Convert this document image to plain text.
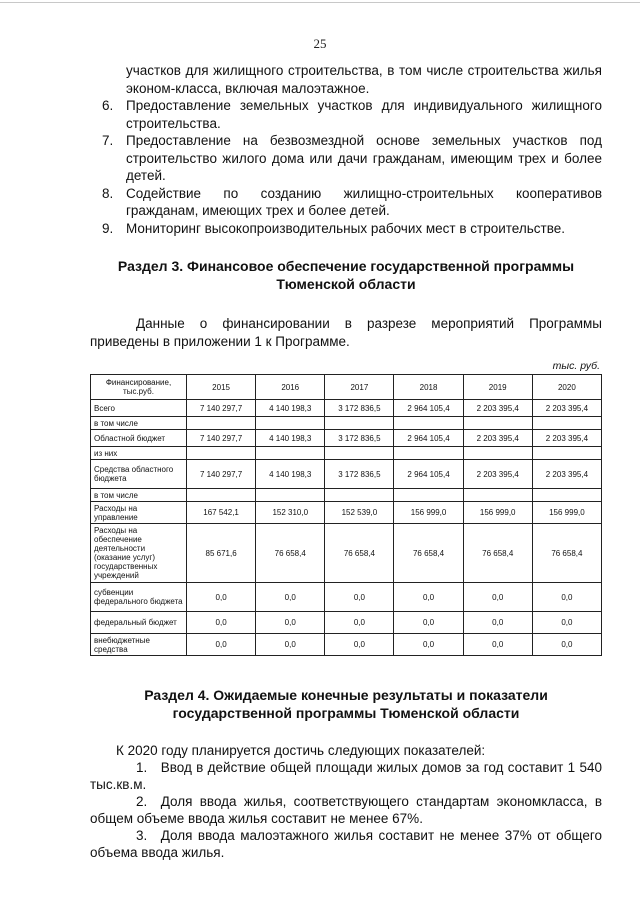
25
участков для жилищного строительства, в том числе строительства жилья эконом-класса, включая малоэтажное.
6. Предоставление земельных участков для индивидуального жилищного строительства.
7. Предоставление на безвозмездной основе земельных участков под строительство жилого дома или дачи гражданам, имеющим трех и более детей.
8. Содействие по созданию жилищно-строительных кооперативов гражданам, имеющих трех и более детей.
9. Мониторинг высокопроизводительных рабочих мест в строительстве.
Раздел 3. Финансовое обеспечение государственной программы
Тюменской области

Данные о финансировании в разрезе мероприятий Программы приведены в приложении 1 к Программе.

тыс. руб.
Финансирование, тыс.руб.	2015	2016	2017	2018	2019	2020
Всего	7 140 297,7	4 140 198,3	3 172 836,5	2 964 105,4	2 203 395,4	2 203 395,4
в том числе						
Областной бюджет	7 140 297,7	4 140 198,3	3 172 836,5	2 964 105,4	2 203 395,4	2 203 395,4
из них						
Средства областного бюджета	7 140 297,7	4 140 198,3	3 172 836,5	2 964 105,4	2 203 395,4	2 203 395,4
в том числе						
Расходы на управление	167 542,1	152 310,0	152 539,0	156 999,0	156 999,0	156 999,0
Расходы на обеспечение деятельности (оказание услуг) государственных учреждений	85 671,6	76 658,4	76 658,4	76 658,4	76 658,4	76 658,4
субвенции федерального бюджета	0,0	0,0	0,0	0,0	0,0	0,0
федеральный бюджет	0,0	0,0	0,0	0,0	0,0	0,0
внебюджетные средства	0,0	0,0	0,0	0,0	0,0	0,0
Раздел 4. Ожидаемые конечные результаты и показатели
государственной программы Тюменской области

К 2020 году планируется достичь следующих показателей:

1. Ввод в действие общей площади жилых домов за год составит 1 540 тыс.кв.м.

2. Доля ввода жилья, соответствующего стандартам экономкласса, в общем объеме ввода жилья составит не менее 67%.

3. Доля ввода малоэтажного жилья составит не менее 37% от общего объема ввода жилья.
